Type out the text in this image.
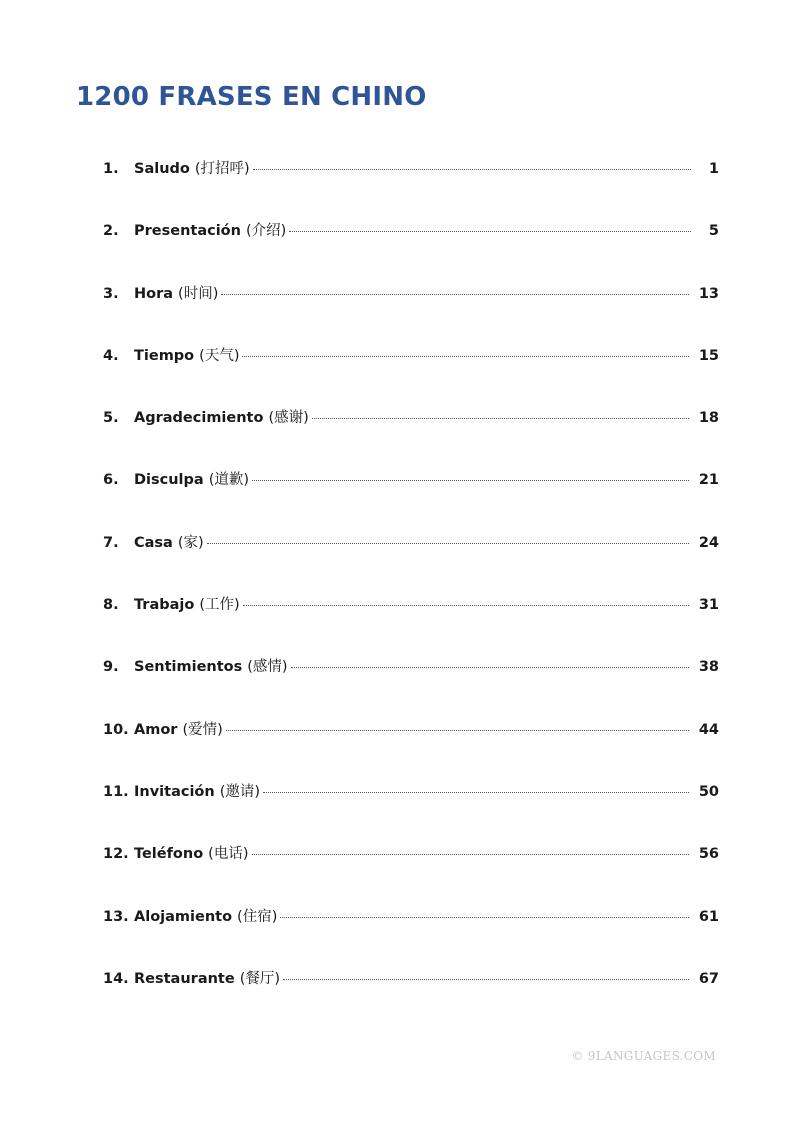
1200 FRASES EN CHINO
1.	Saludo (打招呼)	1
2.	Presentación (介绍)	5
3.	Hora (时间)	13
4.	Tiempo (天气)	15
5.	Agradecimiento (感谢)	18
6.	Disculpa (道歉)	21
7.	Casa (家)	24
8.	Trabajo (工作)	31
9.	Sentimientos (感情)	38
10. Amor (爱情)	44
11. Invitación (邀请)	50
12. Teléfono (电话)	56
13. Alojamiento (住宿)	61
14. Restaurante (餐厅)	67
© 9LANGUAGES.COM
